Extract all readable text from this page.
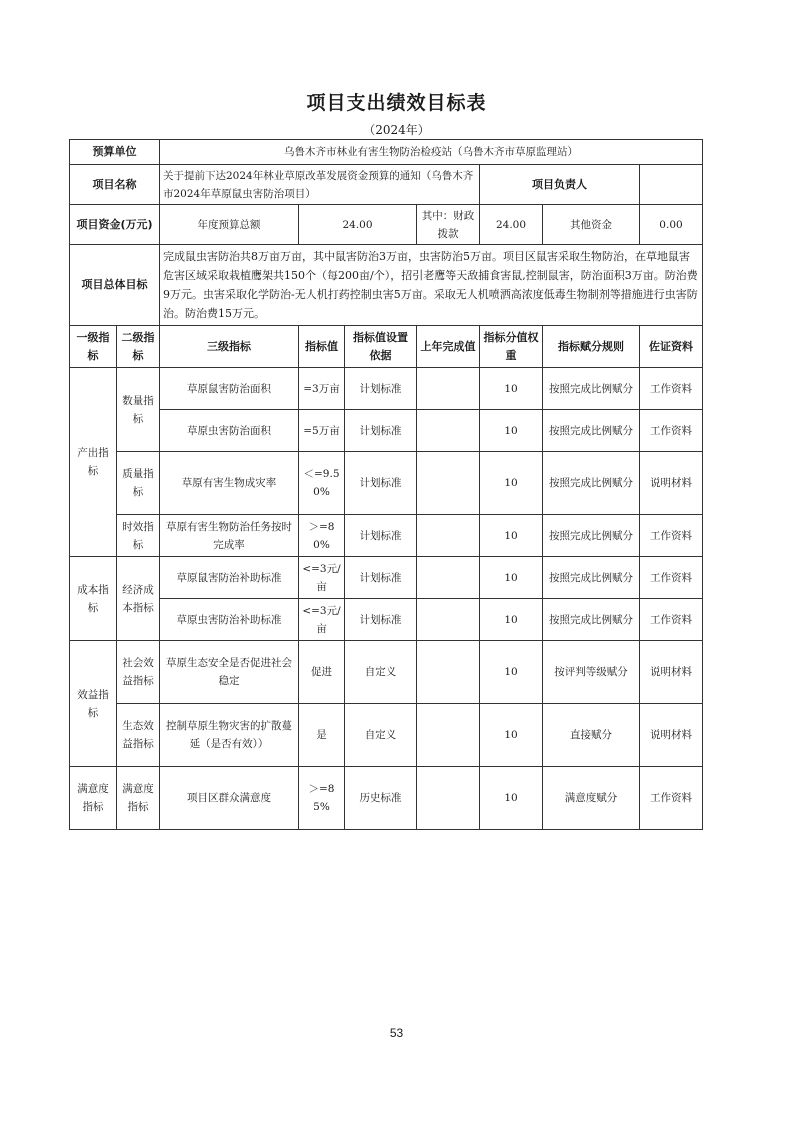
项目支出绩效目标表
（2024年）
预算单位		乌鲁木齐市林业有害生物防治检疫站（乌鲁木齐市草原监理站）						
项目名称		关于提前下达2024年林业草原改革发展资金预算的通知（乌鲁木齐市2024年草原鼠虫害防治项目）				项目负责人		
项目资金(万元)		年度预算总额	24.00		其中：财政拨款	24.00	其他资金	0.00
项目总体目标		完成鼠虫害防治共8万亩万亩，其中鼠害防治3万亩，虫害防治5万亩。项目区鼠害采取生物防治，在草地鼠害危害区域采取栽植鹰架共150个（每200亩/个），招引老鹰等天敌捕食害鼠,控制鼠害，防治面积3万亩。防治费9万元。虫害采取化学防治-无人机打药控制虫害5万亩。采取无人机喷洒高浓度低毒生物制剂等措施进行虫害防治。防治费15万元。						
一级指标	二级指标	三级指标	指标值	指标值设置依据	上年完成值	指标分值权重	指标赋分规则	佐证资料
产出指标	数量指标	草原鼠害防治面积	=3万亩	计划标准		10	按照完成比例赋分	工作资料
		草原虫害防治面积	=5万亩	计划标准		10	按照完成比例赋分	工作资料
	质量指标	草原有害生物成灾率	＜=9.50%	计划标准		10	按照完成比例赋分	说明材料
	时效指标	草原有害生物防治任务按时完成率	＞=80%	计划标准		10	按照完成比例赋分	工作资料
成本指标	经济成本指标	草原鼠害防治补助标准	<=3元/亩	计划标准		10	按照完成比例赋分	工作资料
		草原虫害防治补助标准	<=3元/亩	计划标准		10	按照完成比例赋分	工作资料
效益指标	社会效益指标	草原生态安全是否促进社会稳定	促进	自定义		10	按评判等级赋分	说明材料
	生态效益指标	控制草原生物灾害的扩散蔓延（是否有效））	是	自定义		10	直接赋分	说明材料
满意度指标	满意度指标	项目区群众满意度	＞=85%	历史标准		10	满意度赋分	工作资料
53
